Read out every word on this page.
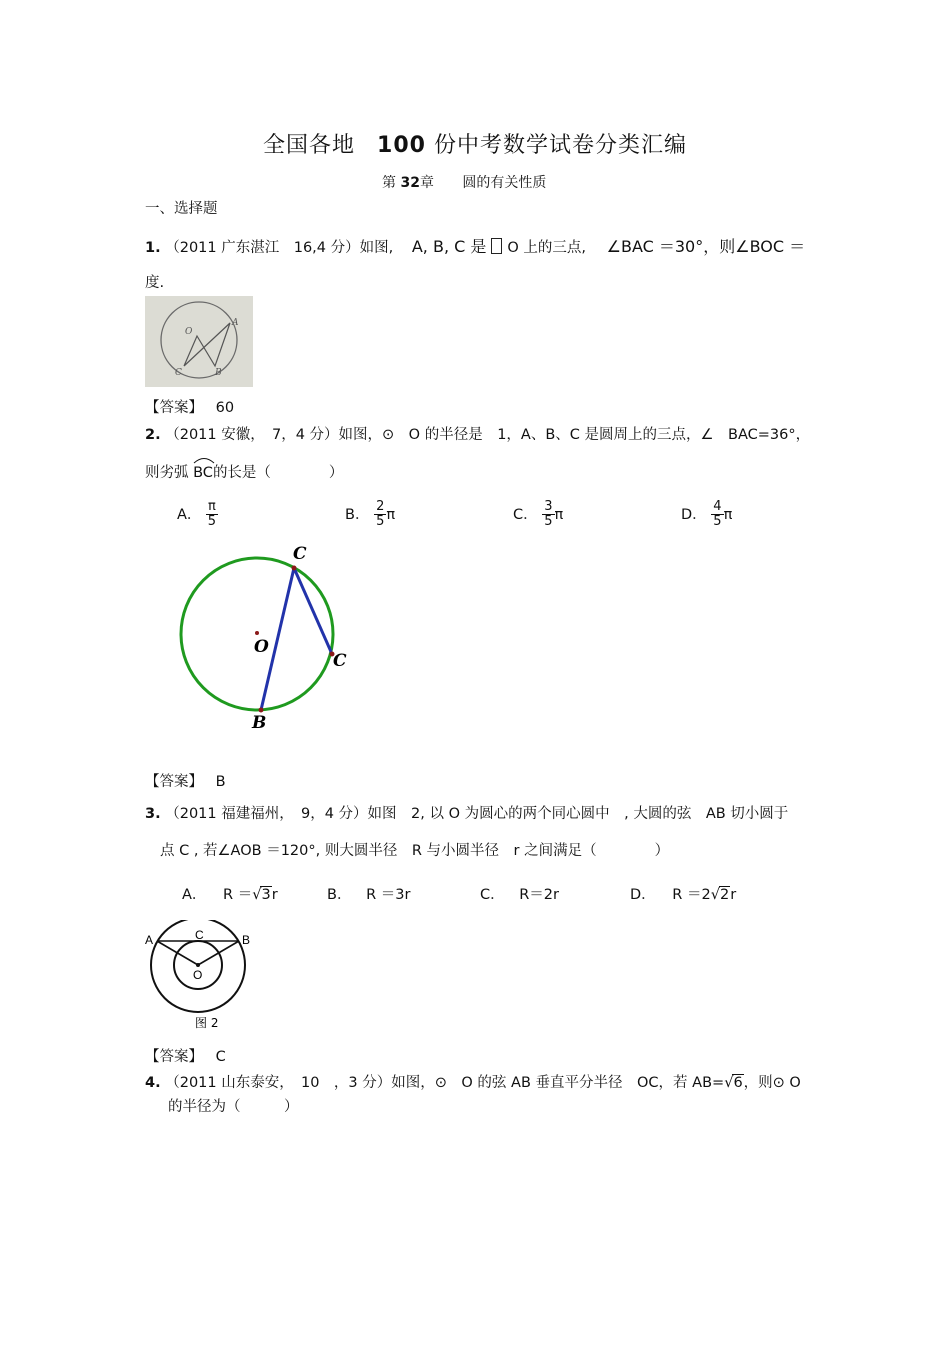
全国各地 100 份中考数学试卷分类汇编
第 32章 圆的有关性质
一、选择题
1. （2011 广东湛江　16,4 分）如图, A, B, C 是 O 上的三点, ∠BAC ＝30°，则∠BOC ＝
度.
O
A
C	B
【答案】 60
2. （2011 安徽，　7，4 分）如图，⊙　O 的半径是　1，A、B、C 是圆周上的三点，∠　BAC=36°，
则劣弧 BC的长是（　　　　）
A． $\frac{\pi}{5}$	B． $\frac{2}{5}$ π	C． $\frac{3}{5}$ π	D． $\frac{4}{5}$ π
C
C
O
B
【答案】 B
3. （2011 福建福州，　9，4 分）如图　2, 以 O 为圆心的两个同心圆中　, 大圆的弦　AB 切小圆于
点 C , 若∠AOB ＝120°, 则大圆半径　R 与小圆半径　r 之间满足（　　　　）
A． R ＝√3r	B． R ＝3r	C． R＝2r	D． R ＝2√2r
A	B
C
O
图 2
【答案】 C
4. （2011 山东泰安，　10　，3 分）如图，⊙　O 的弦 AB 垂直平分半径　OC，若 AB=√6，则⊙ O
的半径为（　　　）
